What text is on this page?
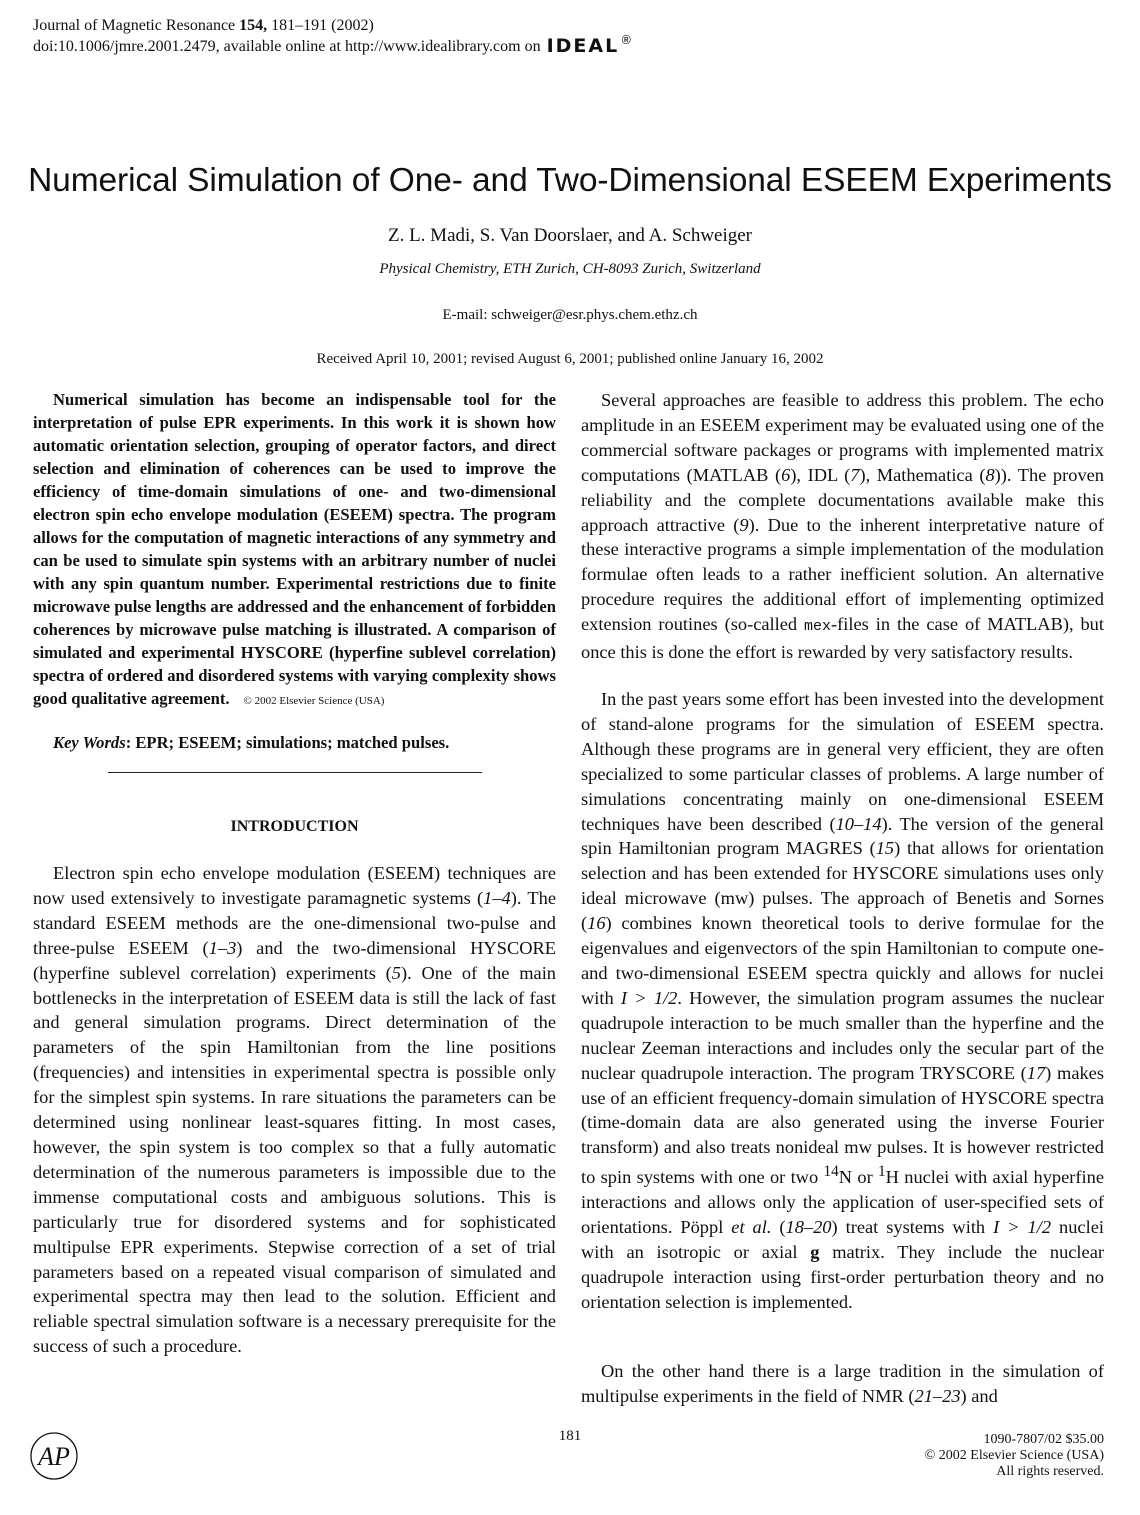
Journal of Magnetic Resonance
154,
181–191 (2002)
doi:10.1006/jmre.2001.2479, available online at http://www.idealibrary.com on IDEAL ®
Numerical Simulation of One- and Two-Dimensional ESEEM Experiments
Z. L. Madi, S. Van Doorslaer, and A. Schweiger
Physical Chemistry, ETH Zurich, CH-8093 Zurich, Switzerland
E-mail: schweiger@esr.phys.chem.ethz.ch
Received April 10, 2001; revised August 6, 2001; published online January 16, 2002

Numerical simulation has become an indispensable tool for the interpretation of pulse EPR experiments. In this work it is shown how automatic orientation selection, grouping of operator factors, and direct selection and elimination of coherences can be used to improve the efficiency of time-domain simulations of one- and two-dimensional electron spin echo envelope modulation (ESEEM) spectra. The program allows for the computation of magnetic interactions of any symmetry and can be used to simulate spin systems with an arbitrary number of nuclei with any spin quantum number. Experimental restrictions due to finite microwave pulse lengths are addressed and the enhancement of forbidden coherences by microwave pulse matching is illustrated. A comparison of simulated and experimental HYSCORE (hyperfine sublevel correlation) spectra of ordered and disordered systems with varying complexity shows good qualitative agreement. © 2002 Elsevier Science (USA)

Key Words: EPR; ESEEM; simulations; matched pulses.
INTRODUCTION

Electron spin echo envelope modulation (ESEEM) techniques are now used extensively to investigate paramagnetic systems (1–4). The standard ESEEM methods are the one-dimensional two-pulse and three-pulse ESEEM (1–3) and the two-dimensional HYSCORE (hyperfine sublevel correlation) experiments (5). One of the main bottlenecks in the interpretation of ESEEM data is still the lack of fast and general simulation programs. Direct determination of the parameters of the spin Hamiltonian from the line positions (frequencies) and intensities in experimental spectra is possible only for the simplest spin systems. In rare situations the parameters can be determined using nonlinear least-squares fitting. In most cases, however, the spin system is too complex so that a fully automatic determination of the numerous parameters is impossible due to the immense computational costs and ambiguous solutions. This is particularly true for disordered systems and for sophisticated multipulse EPR experiments. Stepwise correction of a set of trial parameters based on a repeated visual comparison of simulated and experimental spectra may then lead to the solution. Efficient and reliable spectral simulation software is a necessary prerequisite for the success of such a procedure.

Several approaches are feasible to address this problem. The echo amplitude in an ESEEM experiment may be evaluated using one of the commercial software packages or programs with implemented matrix computations (MATLAB (6), IDL (7), Mathematica (8)). The proven reliability and the complete documentations available make this approach attractive (9). Due to the inherent interpretative nature of these interactive programs a simple implementation of the modulation formulae often leads to a rather inefficient solution. An alternative procedure requires the additional effort of implementing optimized extension routines (so-called mex-files in the case of MATLAB), but once this is done the effort is rewarded by very satisfactory results.

In the past years some effort has been invested into the development of stand-alone programs for the simulation of ESEEM spectra. Although these programs are in general very efficient, they are often specialized to some particular classes of problems. A large number of simulations concentrating mainly on one-dimensional ESEEM techniques have been described (10–14). The version of the general spin Hamiltonian program MAGRES (15) that allows for orientation selection and has been extended for HYSCORE simulations uses only ideal microwave (mw) pulses. The approach of Benetis and Sornes (16) combines known theoretical tools to derive formulae for the eigenvalues and eigenvectors of the spin Hamiltonian to compute one- and two-dimensional ESEEM spectra quickly and allows for nuclei with I > 1/2. However, the simulation program assumes the nuclear quadrupole interaction to be much smaller than the hyperfine and the nuclear Zeeman interactions and includes only the secular part of the nuclear quadrupole interaction. The program TRYSCORE (17) makes use of an efficient frequency-domain simulation of HYSCORE spectra (time-domain data are also generated using the inverse Fourier transform) and also treats nonideal mw pulses. It is however restricted to spin systems with one or two $^{14}$N or $^1$H nuclei with axial hyperfine interactions and allows only the application of user-specified sets of orientations. Pöppl et al. (18–20) treat systems with I > 1/2 nuclei with an isotropic or axial g matrix. They include the nuclear quadrupole interaction using first-order perturbation theory and no orientation selection is implemented.

On the other hand there is a large tradition in the simulation of multipulse experiments in the field of NMR (21–23) and

181
AP
1090-7807/02 $35.00
© 2002 Elsevier Science (USA)
All rights reserved.
